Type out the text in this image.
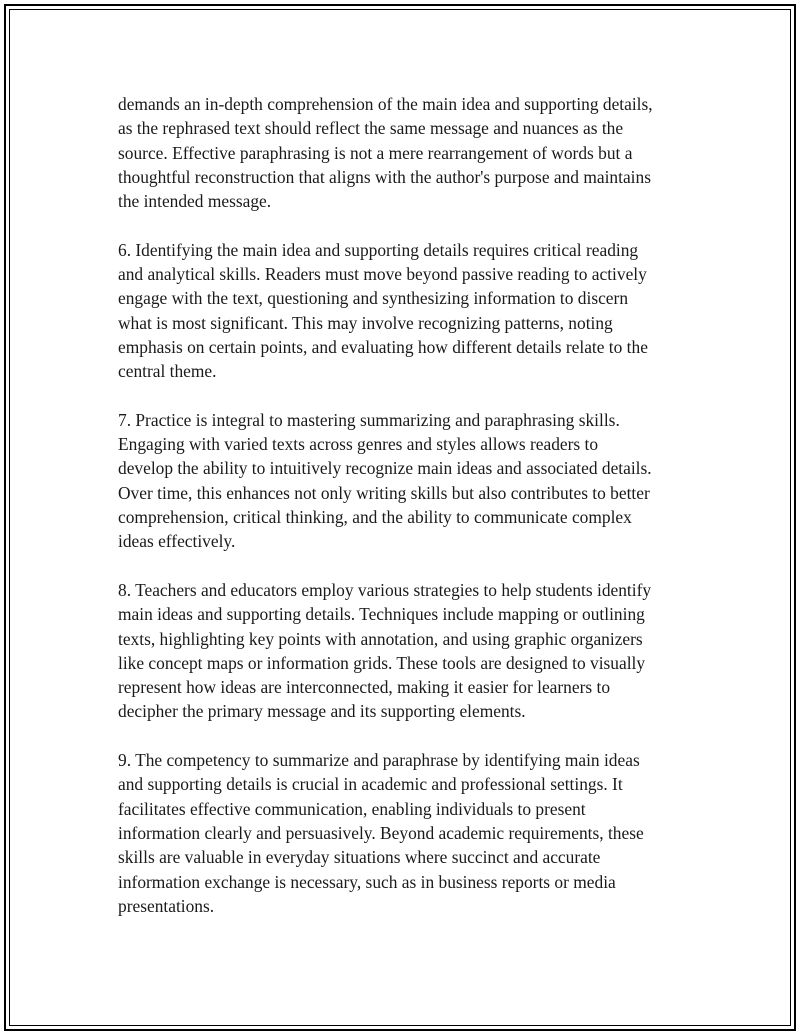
demands an in-depth comprehension of the main idea and supporting details,
as the rephrased text should reflect the same message and nuances as the
source. Effective paraphrasing is not a mere rearrangement of words but a
thoughtful reconstruction that aligns with the author's purpose and maintains
the intended message.

6. Identifying the main idea and supporting details requires critical reading
and analytical skills. Readers must move beyond passive reading to actively
engage with the text, questioning and synthesizing information to discern
what is most significant. This may involve recognizing patterns, noting
emphasis on certain points, and evaluating how different details relate to the
central theme.

7. Practice is integral to mastering summarizing and paraphrasing skills.
Engaging with varied texts across genres and styles allows readers to
develop the ability to intuitively recognize main ideas and associated details.
Over time, this enhances not only writing skills but also contributes to better
comprehension, critical thinking, and the ability to communicate complex
ideas effectively.

8. Teachers and educators employ various strategies to help students identify
main ideas and supporting details. Techniques include mapping or outlining
texts, highlighting key points with annotation, and using graphic organizers
like concept maps or information grids. These tools are designed to visually
represent how ideas are interconnected, making it easier for learners to
decipher the primary message and its supporting elements.

9. The competency to summarize and paraphrase by identifying main ideas
and supporting details is crucial in academic and professional settings. It
facilitates effective communication, enabling individuals to present
information clearly and persuasively. Beyond academic requirements, these
skills are valuable in everyday situations where succinct and accurate
information exchange is necessary, such as in business reports or media
presentations.
